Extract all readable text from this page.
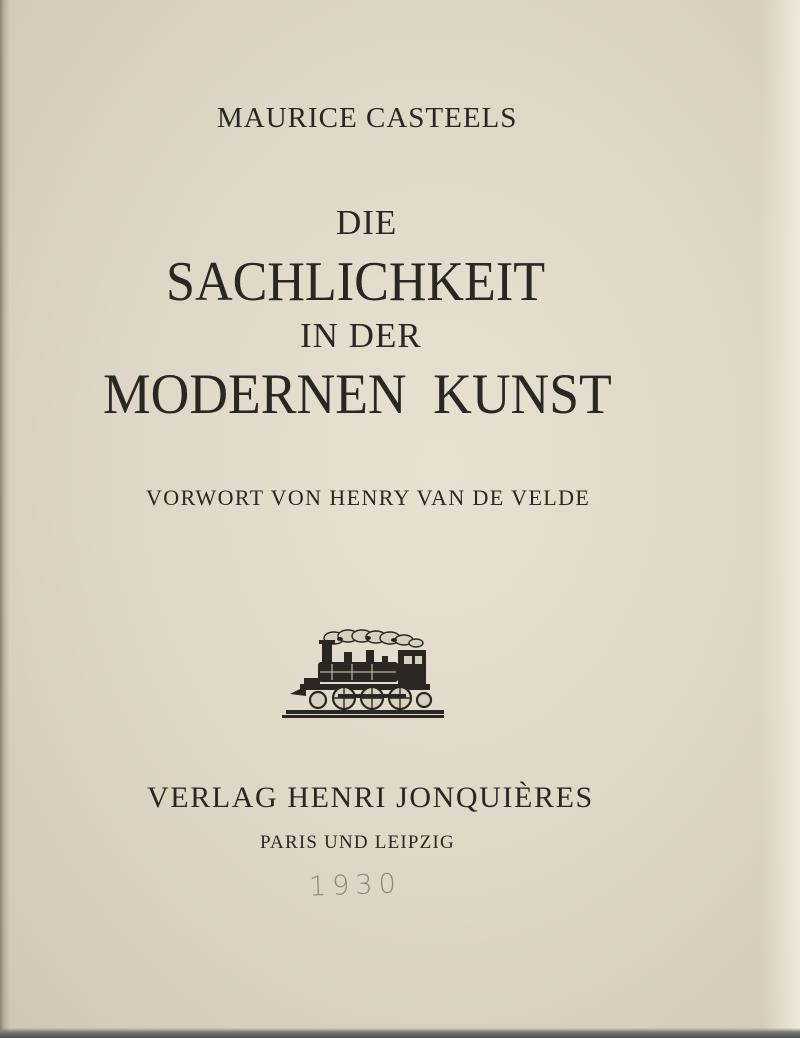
MAURICE CASTEELS
DIE
SACHLICHKEIT
IN DER
MODERNEN KUNST
VORWORT VON HENRY VAN DE VELDE
VERLAG HENRI JONQUIÈRES
PARIS UND LEIPZIG
1930
